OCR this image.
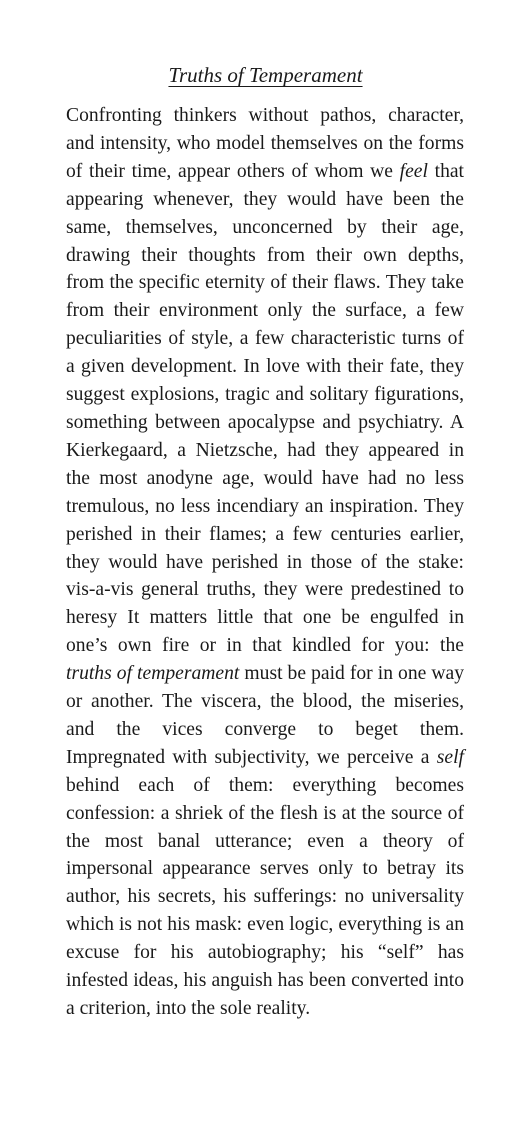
Truths of Temperament

Confronting thinkers without pathos, character, and intensity, who model themselves on the forms of their time, appear others of whom we feel that appearing whenever, they would have been the same, themselves, unconcerned by their age, drawing their thoughts from their own depths, from the specific eternity of their flaws. They take from their environment only the surface, a few peculiarities of style, a few characteristic turns of a given development. In love with their fate, they suggest explosions, tragic and solitary figurations, something between apocalypse and psychiatry. A Kierkegaard, a Nietzsche, had they appeared in the most anodyne age, would have had no less tremulous, no less incendiary an inspiration. They perished in their flames; a few centuries earlier, they would have perished in those of the stake: vis-a-vis general truths, they were predestined to heresy It matters little that one be engulfed in one’s own fire or in that kindled for you: the truths of temperament must be paid for in one way or another. The viscera, the blood, the miseries, and the vices converge to beget them. Impregnated with subjectivity, we perceive a self behind each of them: everything becomes confession: a shriek of the flesh is at the source of the most banal utterance; even a theory of impersonal appearance serves only to betray its author, his secrets, his sufferings: no universality which is not his mask: even logic, everything is an excuse for his autobiography; his “self” has infested ideas, his anguish has been converted into a criterion, into the sole reality.
